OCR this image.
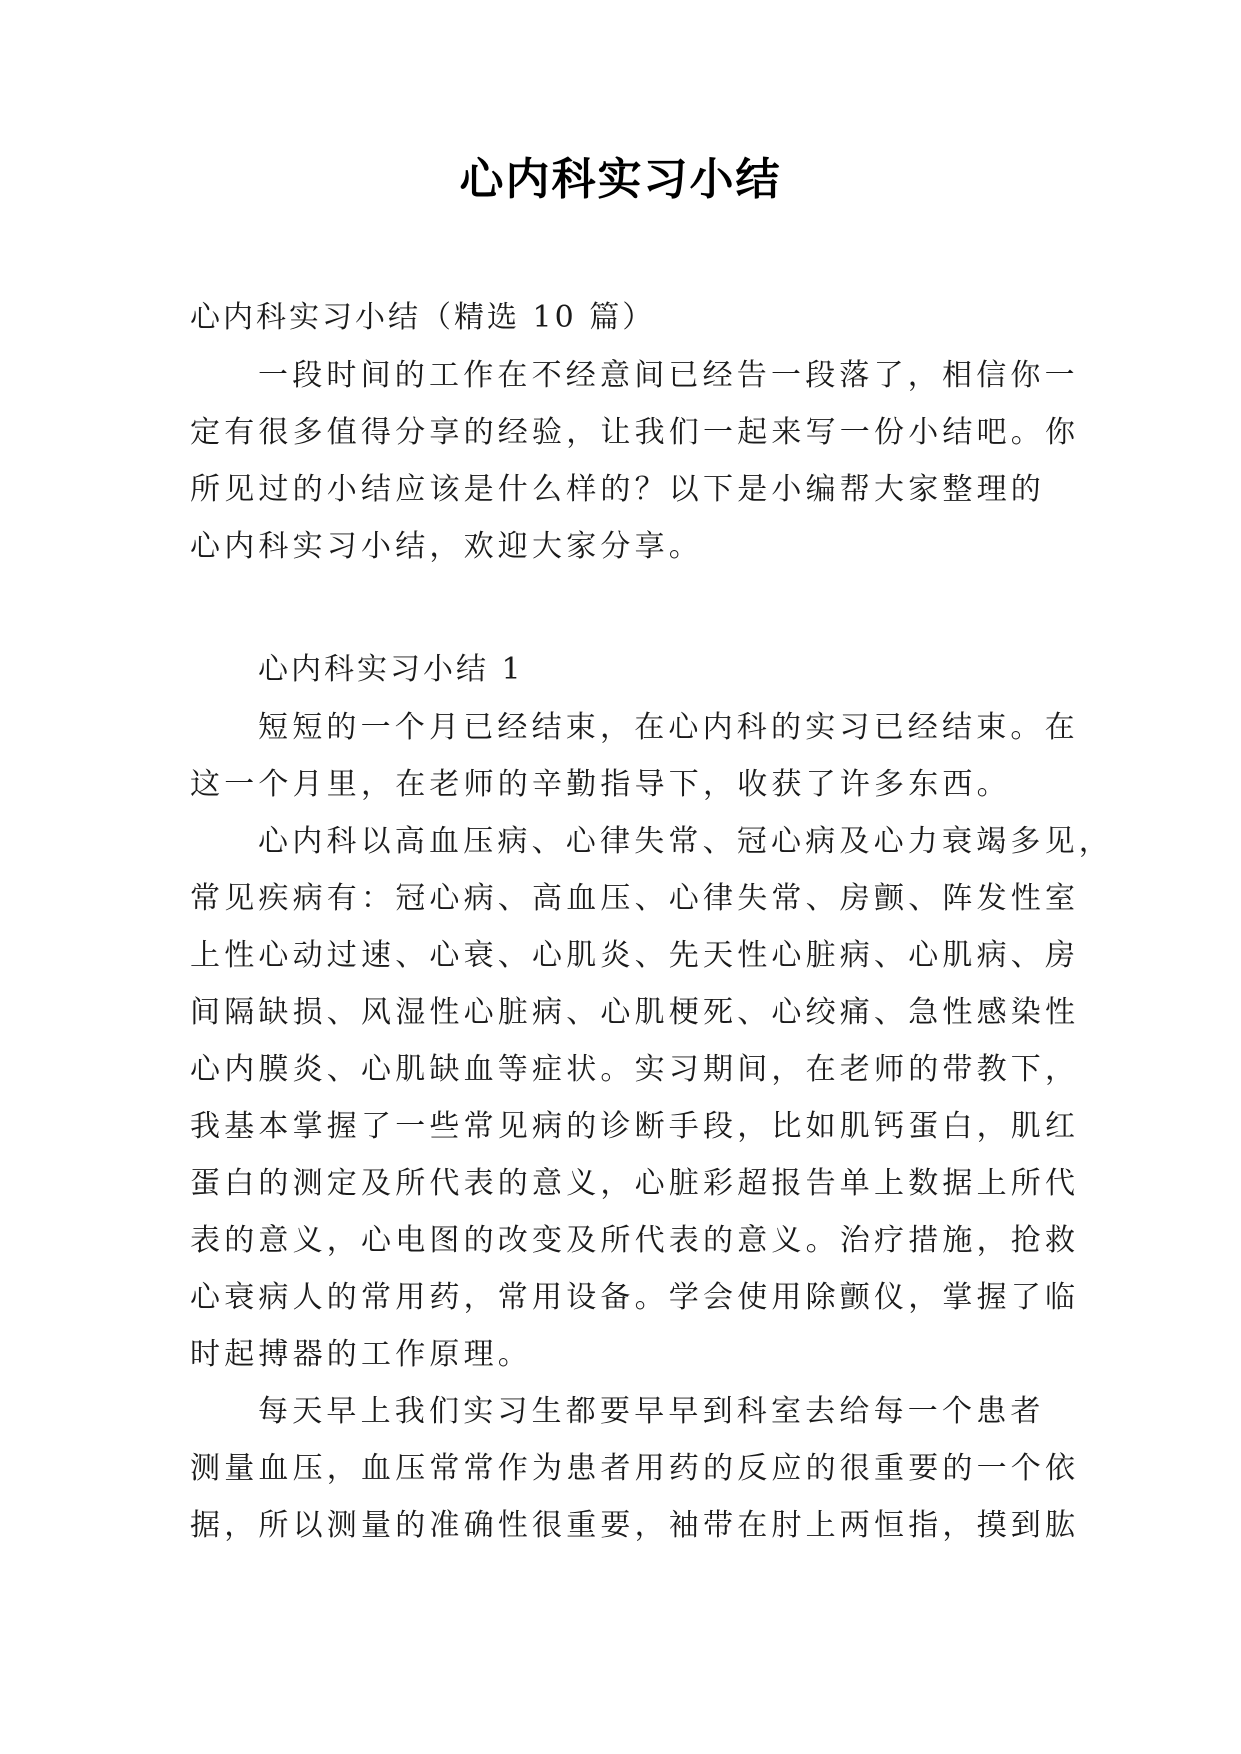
心内科实习小结
心内科实习小结（精选 10 篇）
一段时间的工作在不经意间已经告一段落了，相信你一
定有很多值得分享的经验，让我们一起来写一份小结吧。你
所见过的小结应该是什么样的？以下是小编帮大家整理的
心内科实习小结，欢迎大家分享。
心内科实习小结 1
短短的一个月已经结束，在心内科的实习已经结束。在
这一个月里，在老师的辛勤指导下，收获了许多东西。
心内科以高血压病、心律失常、冠心病及心力衰竭多见，
常见疾病有：冠心病、高血压、心律失常、房颤、阵发性室
上性心动过速、心衰、心肌炎、先天性心脏病、心肌病、房
间隔缺损、风湿性心脏病、心肌梗死、心绞痛、急性感染性
心内膜炎、心肌缺血等症状。实习期间，在老师的带教下，
我基本掌握了一些常见病的诊断手段，比如肌钙蛋白，肌红
蛋白的测定及所代表的意义，心脏彩超报告单上数据上所代
表的意义，心电图的改变及所代表的意义。治疗措施，抢救
心衰病人的常用药，常用设备。学会使用除颤仪，掌握了临
时起搏器的工作原理。
每天早上我们实习生都要早早到科室去给每一个患者
测量血压，血压常常作为患者用药的反应的很重要的一个依
据，所以测量的准确性很重要，袖带在肘上两恒指，摸到肱
